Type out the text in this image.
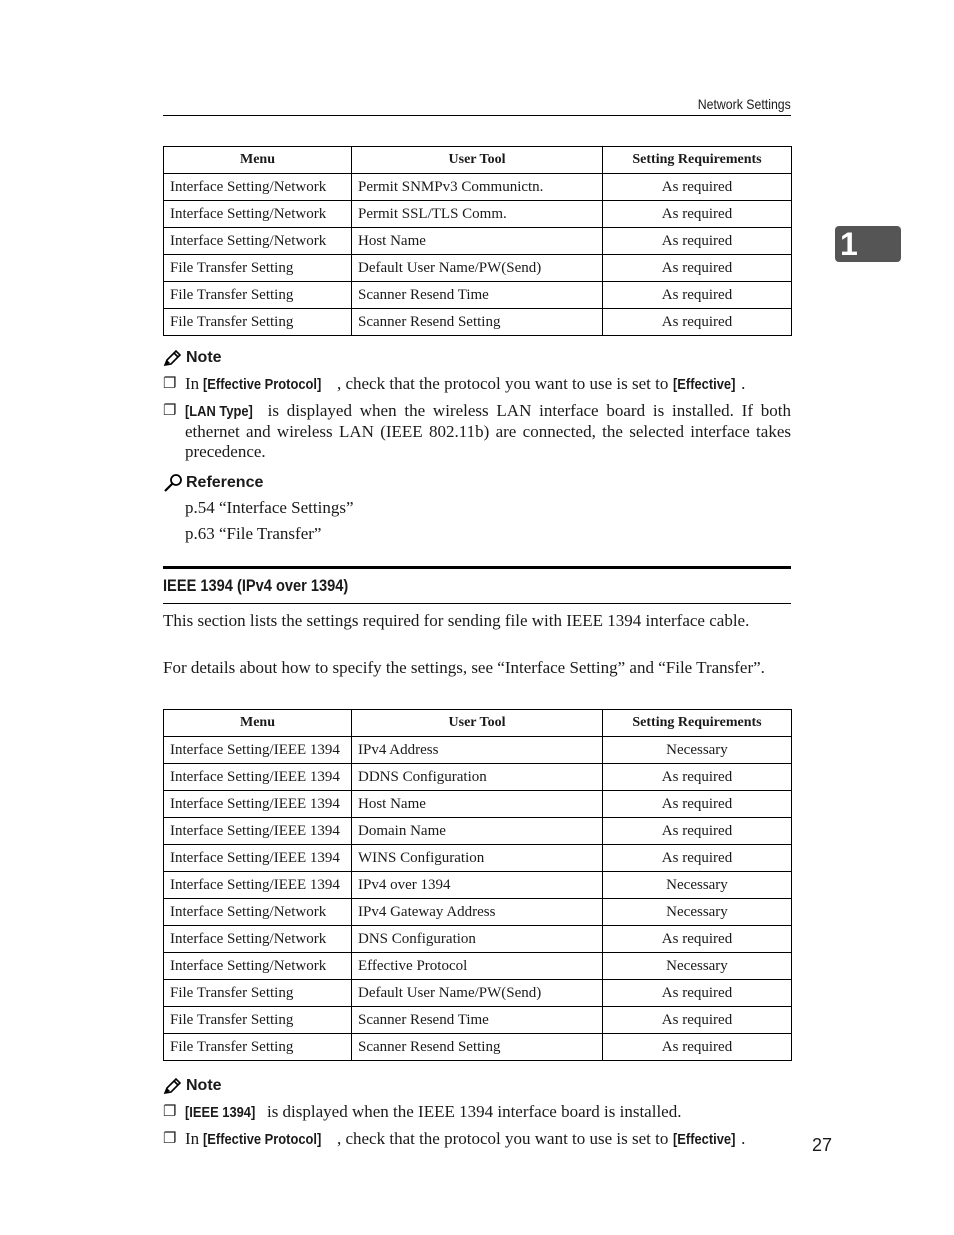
Network Settings
1
Menu	User Tool	Setting Requirements
Interface Setting/Network	Permit SNMPv3 Communictn.	As required
Interface Setting/Network	Permit SSL/TLS Comm.	As required
Interface Setting/Network	Host Name	As required
File Transfer Setting	Default User Name/PW(Send)	As required
File Transfer Setting	Scanner Resend Time	As required
File Transfer Setting	Scanner Resend Setting	As required
Note
❐ In [Effective Protocol] , check that the protocol you want to use is set to [Effective] .
❐ [LAN Type] is displayed when the wireless LAN interface board is installed. If both ethernet and wireless LAN (IEEE 802.11b) are connected, the selected interface takes precedence.
Reference
p.54 “Interface Settings”
p.63 “File Transfer”
IEEE 1394 (IPv4 over 1394)
This section lists the settings required for sending file with IEEE 1394 interface cable.
For details about how to specify the settings, see “Interface Setting” and “File Transfer”.
Menu	User Tool	Setting Requirements
Interface Setting/IEEE 1394	IPv4 Address	Necessary
Interface Setting/IEEE 1394	DDNS Configuration	As required
Interface Setting/IEEE 1394	Host Name	As required
Interface Setting/IEEE 1394	Domain Name	As required
Interface Setting/IEEE 1394	WINS Configuration	As required
Interface Setting/IEEE 1394	IPv4 over 1394	Necessary
Interface Setting/Network	IPv4 Gateway Address	Necessary
Interface Setting/Network	DNS Configuration	As required
Interface Setting/Network	Effective Protocol	Necessary
File Transfer Setting	Default User Name/PW(Send)	As required
File Transfer Setting	Scanner Resend Time	As required
File Transfer Setting	Scanner Resend Setting	As required
Note
❐ [IEEE 1394] is displayed when the IEEE 1394 interface board is installed.
❐ In [Effective Protocol] , check that the protocol you want to use is set to [Effective] .	27
